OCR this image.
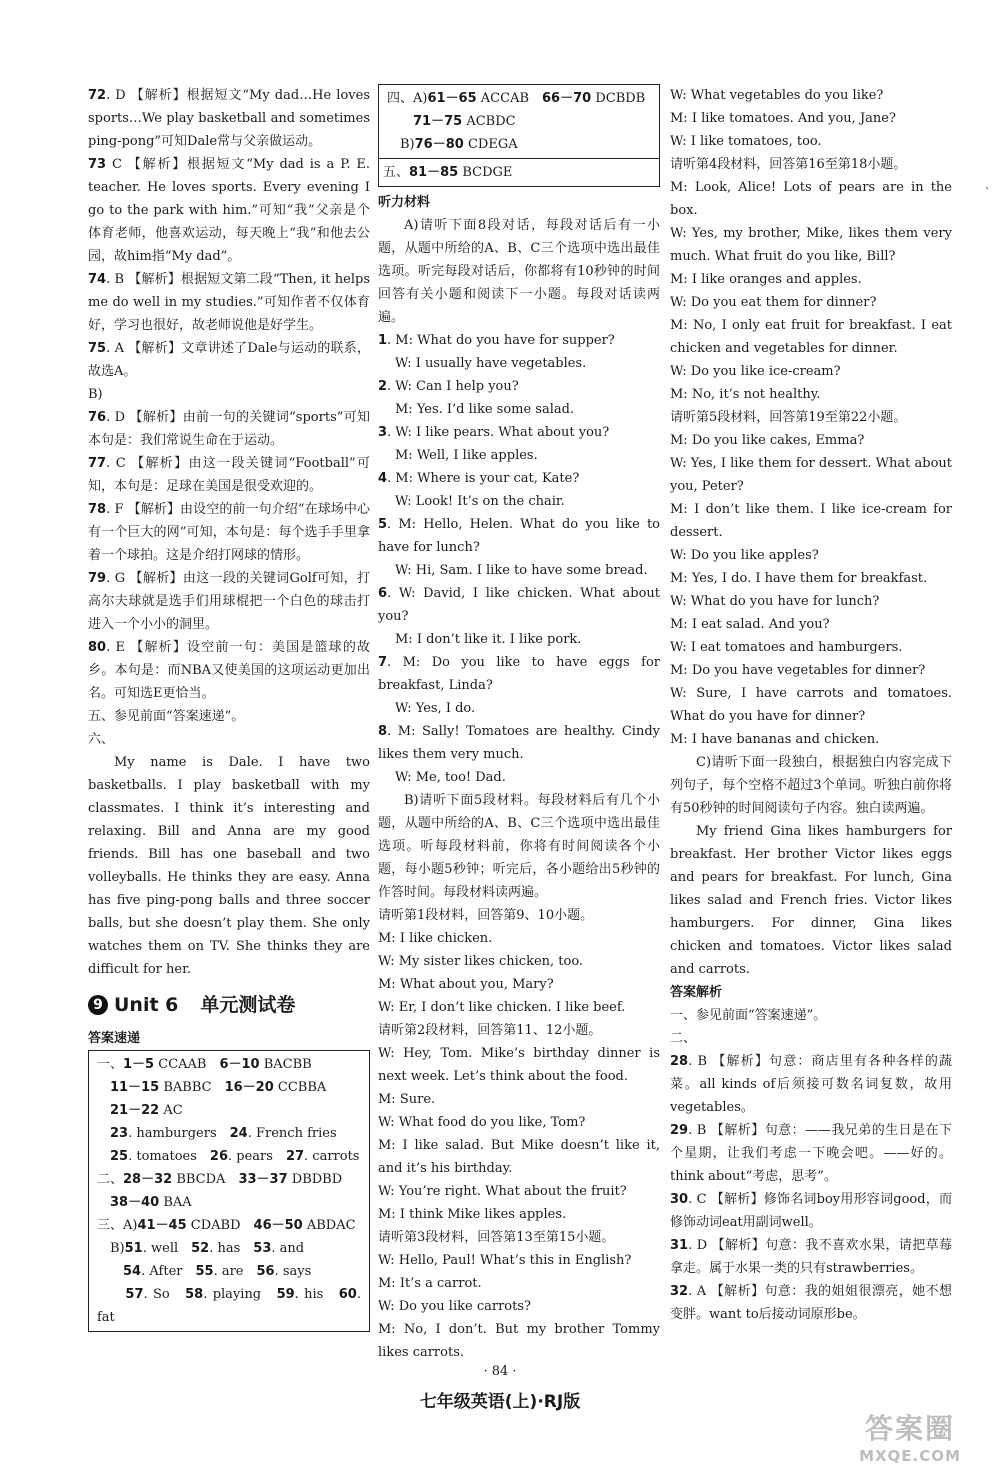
72. D 【解析】根据短文“My dad…He loves sports…We play basketball and sometimes ping-pong”可知Dale常与父亲做运动。

73 C 【解析】根据短文“My dad is a P. E. teacher. He loves sports. Every evening I go to the park with him.”可知“我”父亲是个体育老师，他喜欢运动，每天晚上“我”和他去公园，故him指“My dad”。

74. B 【解析】根据短文第二段“Then, it helps me do well in my studies.”可知作者不仅体育好，学习也很好，故老师说他是好学生。

75. A 【解析】文章讲述了Dale与运动的联系，故选A。

B)

76. D 【解析】由前一句的关键词“sports”可知本句是：我们常说生命在于运动。

77. C 【解析】由这一段关键词“Football”可知，本句是：足球在美国是很受欢迎的。

78. F 【解析】由设空的前一句介绍“在球场中心有一个巨大的网”可知，本句是：每个选手手里拿着一个球拍。这是介绍打网球的情形。

79. G 【解析】由这一段的关键词Golf可知，打高尔夫球就是选手们用球棍把一个白色的球击打进入一个小小的洞里。

80. E 【解析】设空前一句：美国是篮球的故乡。本句是：而NBA又使美国的这项运动更加出名。可知选E更恰当。

五、参见前面“答案速递”。

六、

My name is Dale. I have two basketballs. I play basketball with my classmates. I think it’s interesting and relaxing. Bill and Anna are my good friends. Bill has one baseball and two volleyballs. He thinks they are easy. Anna has five ping-pong balls and three soccer balls, but she doesn’t play them. She only watches them on TV. She thinks they are difficult for her.

9 Unit 6 单元测试卷
答案速递

一、1－5 CCAAB　6－10 BACBB

　11－15 BABBC　16－20 CCBBA

　21－22 AC

　23. hamburgers　24. French fries

　25. tomatoes　26. pears　27. carrots

二、28－32 BBCDA　33－37 DBDBD

　38－40 BAA

三、A)41－45 CDABD　46－50 ABDAC

　B)51. well　52. has　53. and

　　54. After　55. are　56. says

　　57. So　58. playing　59. his　60. fat

四、A)61－65 ACCAB　66－70 DCBDB

　　71－75 ACBDC

　B)76－80 CDEGA

五、81－85 BCDGE

听力材料

A)请听下面8段对话，每段对话后有一小题，从题中所给的A、B、C三个选项中选出最佳选项。听完每段对话后，你都将有10秒钟的时间回答有关小题和阅读下一小题。每段对话读两遍。

1. M: What do you have for supper?

W: I usually have vegetables.

2. W: Can I help you?

M: Yes. I’d like some salad.

3. W: I like pears. What about you?

M: Well, I like apples.

4. M: Where is your cat, Kate?

W: Look! It’s on the chair.

5. M: Hello, Helen. What do you like to have for lunch?

W: Hi, Sam. I like to have some bread.

6. W: David, I like chicken. What about you?

M: I don’t like it. I like pork.

7. M: Do you like to have eggs for breakfast, Linda?

W: Yes, I do.

8. M: Sally! Tomatoes are healthy. Cindy likes them very much.

W: Me, too! Dad.

B)请听下面5段材料。每段材料后有几个小题，从题中所给的A、B、C三个选项中选出最佳选项。听每段材料前，你将有时间阅读各个小题，每小题5秒钟；听完后，各小题给出5秒钟的作答时间。每段材料读两遍。

请听第1段材料，回答第9、10小题。

M: I like chicken.

W: My sister likes chicken, too.

M: What about you, Mary?

W: Er, I don’t like chicken. I like beef.

请听第2段材料，回答第11、12小题。

W: Hey, Tom. Mike’s birthday dinner is next week. Let’s think about the food.

M: Sure.

W: What food do you like, Tom?

M: I like salad. But Mike doesn’t like it, and it’s his birthday.

W: You’re right. What about the fruit?

M: I think Mike likes apples.

请听第3段材料，回答第13至第15小题。

W: Hello, Paul! What’s this in English?

M: It’s a carrot.

W: Do you like carrots?

M: No, I don’t. But my brother Tommy likes carrots.

W: What vegetables do you like?

M: I like tomatoes. And you, Jane?

W: I like tomatoes, too.

请听第4段材料，回答第16至第18小题。

M: Look, Alice! Lots of pears are in the box.

W: Yes, my brother, Mike, likes them very much. What fruit do you like, Bill?

M: I like oranges and apples.

W: Do you eat them for dinner?

M: No, I only eat fruit for breakfast. I eat chicken and vegetables for dinner.

W: Do you like ice-cream?

M: No, it’s not healthy.

请听第5段材料，回答第19至第22小题。

M: Do you like cakes, Emma?

W: Yes, I like them for dessert. What about you, Peter?

M: I don’t like them. I like ice-cream for dessert.

W: Do you like apples?

M: Yes, I do. I have them for breakfast.

W: What do you have for lunch?

M: I eat salad. And you?

W: I eat tomatoes and hamburgers.

M: Do you have vegetables for dinner?

W: Sure, I have carrots and tomatoes. What do you have for dinner?

M: I have bananas and chicken.

C)请听下面一段独白，根据独白内容完成下列句子，每个空格不超过3个单词。听独白前你将有50秒钟的时间阅读句子内容。独白读两遍。

My friend Gina likes hamburgers for breakfast. Her brother Victor likes eggs and pears for breakfast. For lunch, Gina likes salad and French fries. Victor likes hamburgers. For dinner, Gina likes chicken and tomatoes. Victor likes salad and carrots.

答案解析

一、参见前面“答案速递”。

二、

28. B 【解析】句意：商店里有各种各样的蔬菜。all kinds of后须接可数名词复数，故用vegetables。

29. B 【解析】句意：——我兄弟的生日是在下个星期，让我们考虑一下晚会吧。——好的。think about“考虑，思考”。

30. C 【解析】修饰名词boy用形容词good，而修饰动词eat用副词well。

31. D 【解析】句意：我不喜欢水果，请把草莓拿走。属于水果一类的只有strawberries。

32. A 【解析】句意：我的姐姐很漂亮，她不想变胖。want to后接动词原形be。

、
· 84 ·
七年级英语(上)·RJ版
答案圈
MXQE.COM
